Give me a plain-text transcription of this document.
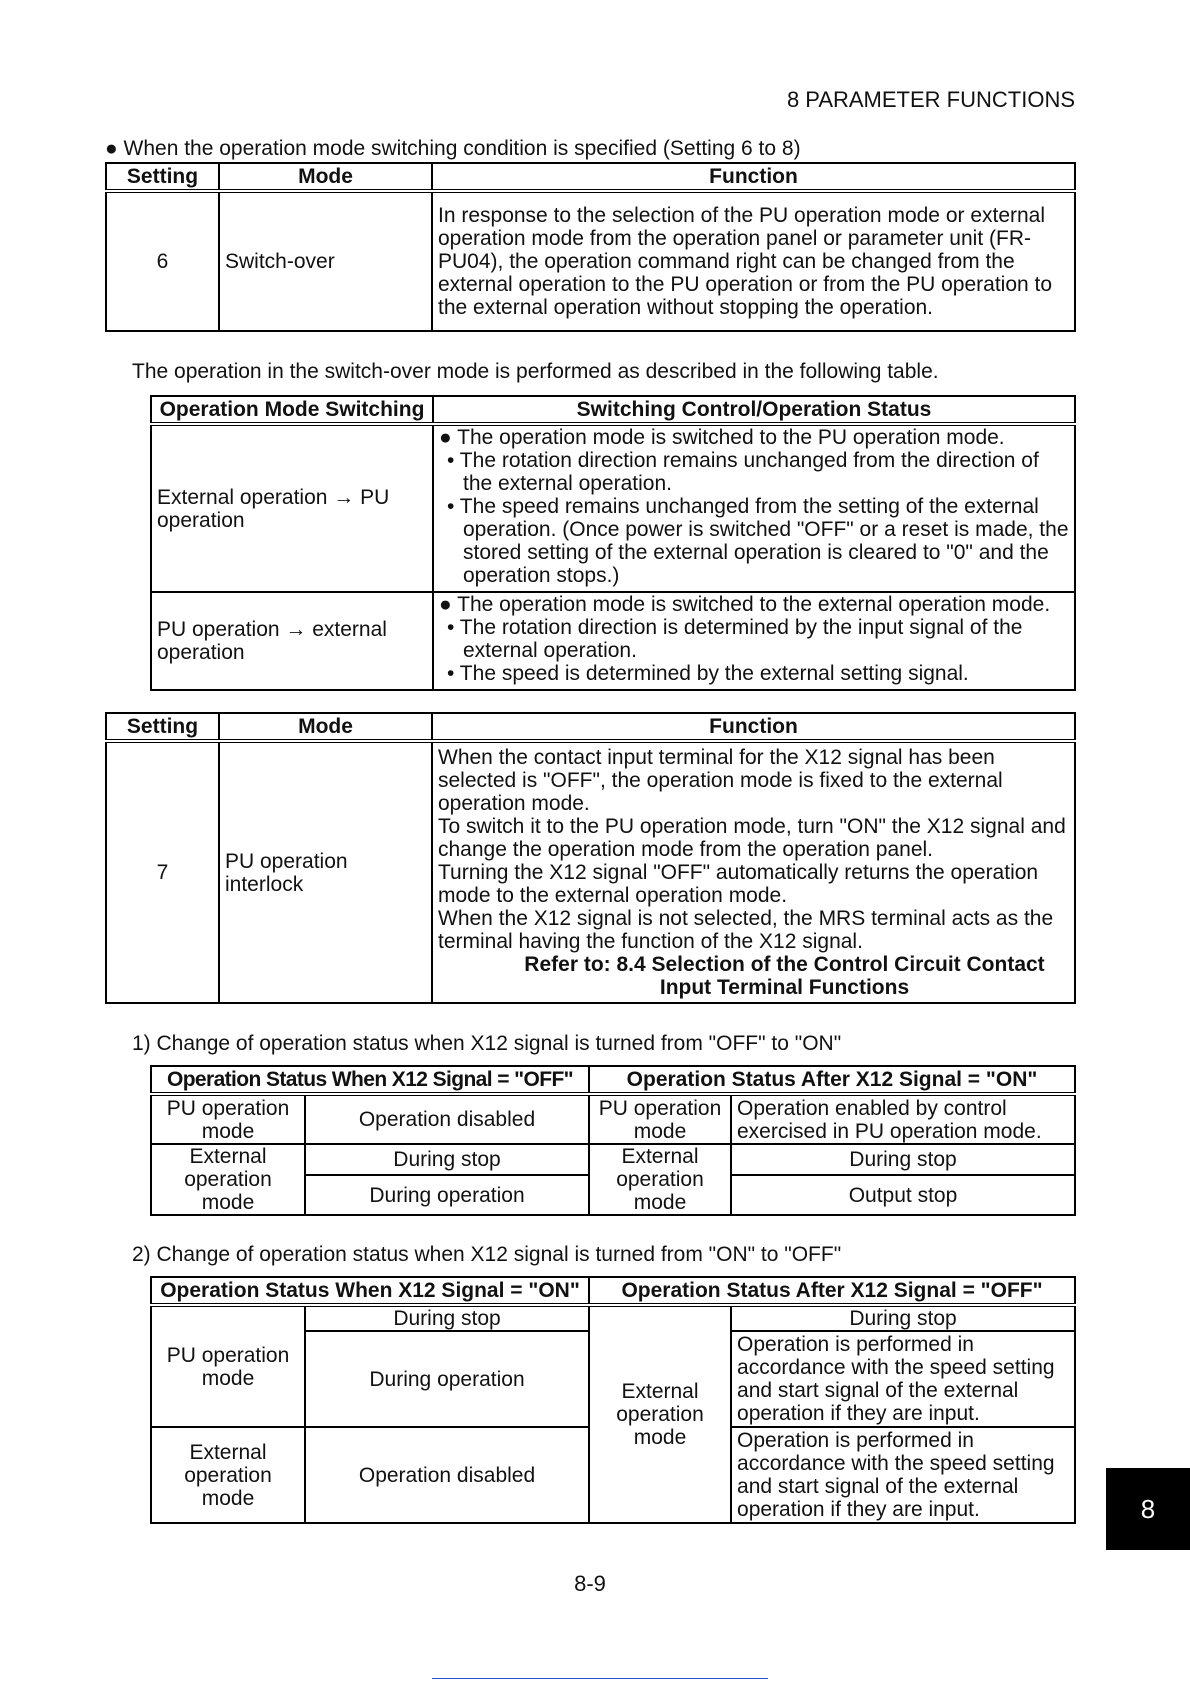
8 PARAMETER FUNCTIONS
● When the operation mode switching condition is specified (Setting 6 to 8)
Setting	Mode	Function
6	Switch-over	In response to the selection of the PU operation mode or external operation mode from the operation panel or parameter unit (FR-PU04), the operation command right can be changed from the external operation to the PU operation or from the PU operation to the external operation without stopping the operation.
The operation in the switch-over mode is performed as described in the following table.
Operation Mode Switching	Switching Control/Operation Status
External operation → PU operation	● The operation mode is switched to the PU operation mode.
• The rotation direction remains unchanged from the direction of the external operation.
• The speed remains unchanged from the setting of the external operation. (Once power is switched "OFF" or a reset is made, the stored setting of the external operation is cleared to "0" and the operation stops.)

PU operation → external operation	● The operation mode is switched to the external operation mode.
• The rotation direction is determined by the input signal of the external operation.
• The speed is determined by the external setting signal.
Setting	Mode	Function
7	PU operation interlock	When the contact input terminal for the X12 signal has been selected is "OFF", the operation mode is fixed to the external operation mode.
To switch it to the PU operation mode, turn "ON" the X12 signal and change the operation mode from the operation panel.
Turning the X12 signal "OFF" automatically returns the operation mode to the external operation mode.
When the X12 signal is not selected, the MRS terminal acts as the terminal having the function of the X12 signal.
Refer to: 8.4 Selection of the Control Circuit Contact Input Terminal Functions
1) Change of operation status when X12 signal is turned from "OFF" to "ON"
Operation Status When X12 Signal = "OFF"		Operation Status After X12 Signal = "ON"	
PU operation mode	Operation disabled	PU operation mode	Operation enabled by control exercised in PU operation mode.
External operation mode	During stop	External operation mode	During stop
	During operation		Output stop
2) Change of operation status when X12 signal is turned from "ON" to "OFF"
Operation Status When X12 Signal = "ON"		Operation Status After X12 Signal = "OFF"	
PU operation mode	During stop	External operation mode	During stop
	During operation		Operation is performed in accordance with the speed setting and start signal of the external operation if they are input.
External operation mode	Operation disabled		Operation is performed in accordance with the speed setting and start signal of the external operation if they are input.
8-9
8
